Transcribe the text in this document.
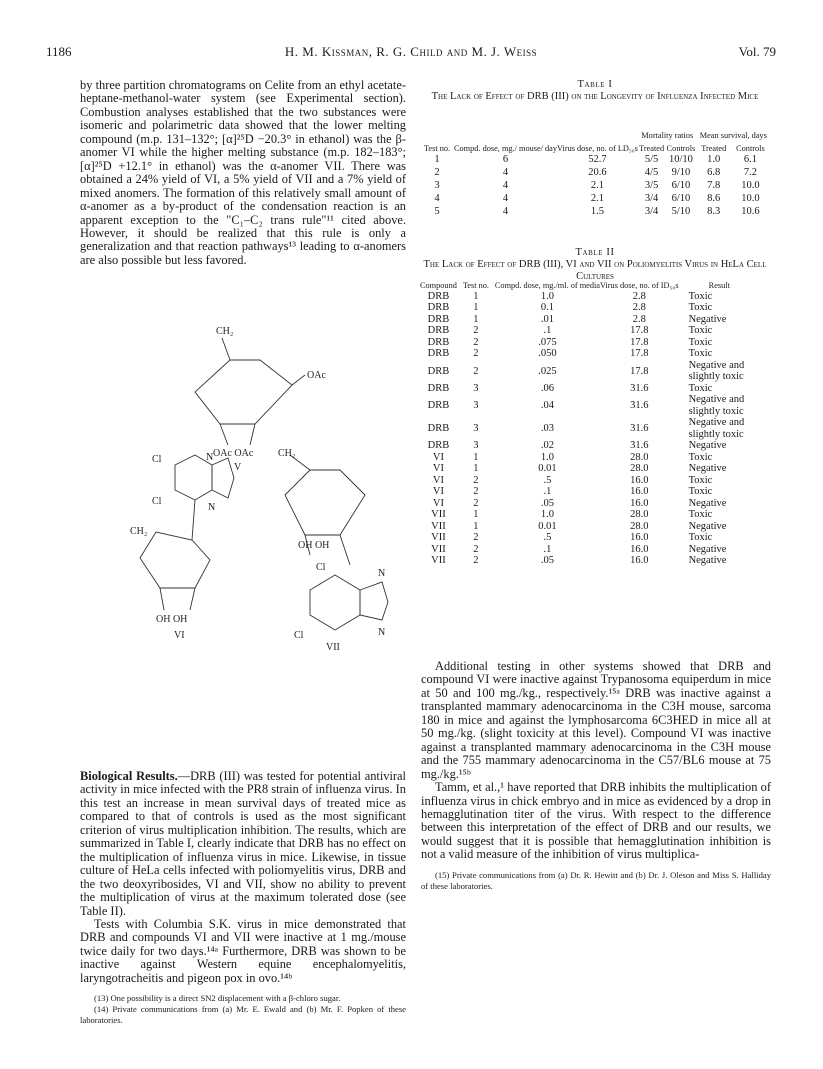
1186	H. M. Kissman, R. G. Child and M. J. Weiss	Vol. 79

by three partition chromatograms on Celite from an ethyl acetate-heptane-methanol-water system (see Experimental section). Combustion analyses established that the two substances were isomeric and polarimetric data showed that the lower melting compound (m.p. 131–132°; [α]²⁵D −20.3° in ethanol) was the β-anomer VI while the higher melting substance (m.p. 182–183°; [α]²⁵D +12.1° in ethanol) was the α-anomer VII. There was obtained a 24% yield of VI, a 5% yield of VII and a 7% yield of mixed anomers. The formation of this relatively small amount of α-anomer as a by-product of the condensation reaction is an apparent exception to the "C₁–C₂ trans rule"¹¹ cited above. However, it should be realized that this rule is only a generalization and that reaction pathways¹³ leading to α-anomers are also possible but less favored.

CH₂
OAc
OAc OAc
V
Cl	N
Cl
N
CH₂
OH OH
VI
CH₂
OH OH
Cl
N
Cl	N
VII

Biological Results.—DRB (III) was tested for potential antiviral activity in mice infected with the PR8 strain of influenza virus. In this test an increase in mean survival days of treated mice as compared to that of controls is used as the most significant criterion of virus multiplication inhibition. The results, which are summarized in Table I, clearly indicate that DRB has no effect on the multiplication of influenza virus in mice. Likewise, in tissue culture of HeLa cells infected with poliomyelitis virus, DRB and the two deoxyribosides, VI and VII, show no ability to prevent the multiplication of virus at the maximum tolerated dose (see Table II).

Tests with Columbia S.K. virus in mice demonstrated that DRB and compounds VI and VII were inactive at 1 mg./mouse twice daily for two days.¹⁴ᵃ Furthermore, DRB was shown to be inactive against Western equine encephalomyelitis, laryngotracheitis and pigeon pox in ovo.¹⁴ᵇ

(13) One possibility is a direct SN2 displacement with a β-chloro sugar.

(14) Private communications from (a) Mr. E. Ewald and (b) Mr. F. Popken of these laboratories.

Table I
The Lack of Effect of DRB (III) on the Longevity of Influenza Infected Mice
Test no.	Compd. dose, mg./ mouse/ day	Virus dose, no. of LD₅₀s	Mortality ratios		Mean survival, days	
			Treated	Controls	Treated	Controls
1	6	52.7	5/5	10/10	1.0	6.1
2	4	20.6	4/5	9/10	6.8	7.2
3	4	2.1	3/5	6/10	7.8	10.0
4	4	2.1	3/4	6/10	8.6	10.0
5	4	1.5	3/4	5/10	8.3	10.6
Table II
The Lack of Effect of DRB (III), VI and VII on Poliomyelitis Virus in HeLa Cell Cultures
Compound	Test no.	Compd. dose, mg./ml. of media	Virus dose, no. of ID₅₀s	Result
DRB	1	1.0	2.8	Toxic
DRB	1	0.1	2.8	Toxic
DRB	1	.01	2.8	Negative
DRB	2	.1	17.8	Toxic
DRB	2	.075	17.8	Toxic
DRB	2	.050	17.8	Toxic
DRB	2	.025	17.8	Negative and slightly toxic
DRB	3	.06	31.6	Toxic
DRB	3	.04	31.6	Negative and slightly toxic
DRB	3	.03	31.6	Negative and slightly toxic
DRB	3	.02	31.6	Negative
VI	1	1.0	28.0	Toxic
VI	1	0.01	28.0	Negative
VI	2	.5	16.0	Toxic
VI	2	.1	16.0	Toxic
VI	2	.05	16.0	Negative
VII	1	1.0	28.0	Toxic
VII	1	0.01	28.0	Negative
VII	2	.5	16.0	Toxic
VII	2	.1	16.0	Negative
VII	2	.05	16.0	Negative

Additional testing in other systems showed that DRB and compound VI were inactive against Trypanosoma equiperdum in mice at 50 and 100 mg./kg., respectively.¹⁵ᵃ DRB was inactive against a transplanted mammary adenocarcinoma in the C3H mouse, sarcoma 180 in mice and against the lymphosarcoma 6C3HED in mice all at 50 mg./kg. (slight toxicity at this level). Compound VI was inactive against a transplanted mammary adenocarcinoma in the C3H mouse and the 755 mammary adenocarcinoma in the C57/BL6 mouse at 75 mg./kg.¹⁵ᵇ

Tamm, et al.,¹ have reported that DRB inhibits the multiplication of influenza virus in chick embryo and in mice as evidenced by a drop in hemagglutination titer of the virus. With respect to the difference between this interpretation of the effect of DRB and our results, we would suggest that it is possible that hemagglutination inhibition is not a valid measure of the inhibition of virus multiplica-

(15) Private communications from (a) Dr. R. Hewitt and (b) Dr. J. Oleson and Miss S. Halliday of these laboratories.
